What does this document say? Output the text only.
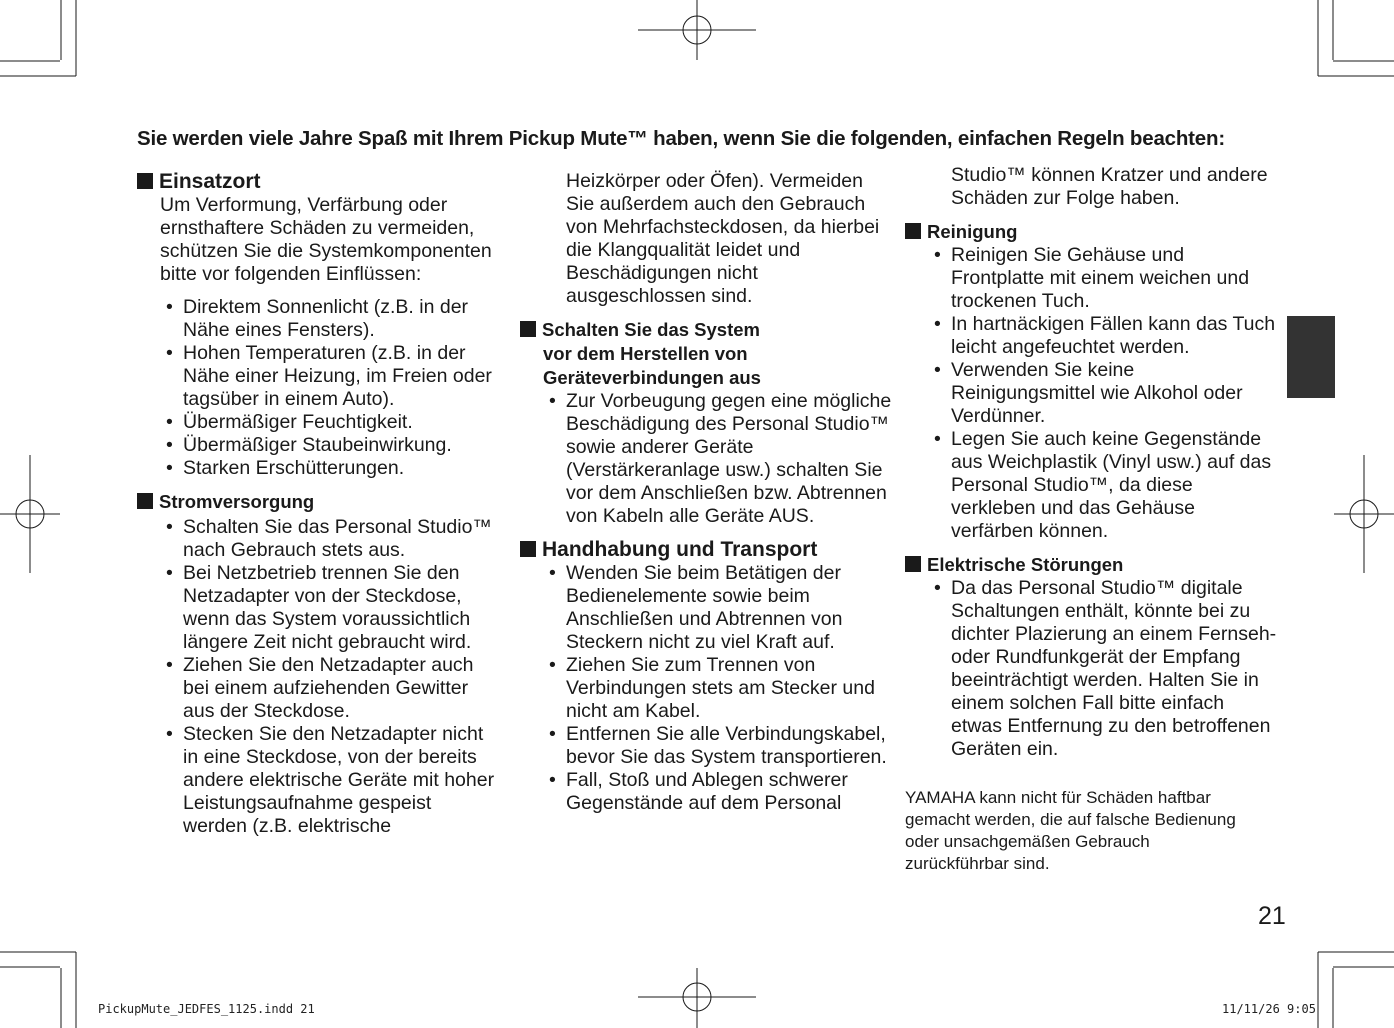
Sie werden viele Jahre Spaß mit Ihrem Pickup Mute™ haben, wenn Sie die folgenden, einfachen Regeln beachten:
Einsatzort

Um Verformung, Verfärbung oder ernsthaftere Schäden zu vermeiden, schützen Sie die Systemkomponenten bitte vor folgenden Einflüssen:

• Direktem Sonnenlicht (z.B. in der Nähe eines Fensters).
• Hohen Temperaturen (z.B. in der Nähe einer Heizung, im Freien oder tagsüber in einem Auto).
• Übermäßiger Feuchtigkeit.
• Übermäßiger Staubeinwirkung.
• Starken Erschütterungen.
Stromversorgung
• Schalten Sie das Personal Studio™ nach Gebrauch stets aus.
• Bei Netzbetrieb trennen Sie den Netzadapter von der Steckdose, wenn das System voraussichtlich längere Zeit nicht gebraucht wird.
• Ziehen Sie den Netzadapter auch bei einem aufziehenden Gewitter aus der Steckdose.
• Stecken Sie den Netzadapter nicht in eine Steckdose, von der bereits andere elektrische Geräte mit hoher Leistungsaufnahme gespeist werden (z.B. elektrische

Heizkörper oder Öfen). Vermeiden Sie außerdem auch den Gebrauch von Mehrfachsteckdosen, da hierbei die Klangqualität leidet und Beschädigungen nicht ausgeschlossen sind.

Schalten Sie das System
vor dem Herstellen von
Geräteverbindungen aus
• Zur Vorbeugung gegen eine mögliche Beschädigung des Personal Studio™ sowie anderer Geräte (Verstärkeranlage usw.) schalten Sie vor dem Anschließen bzw. Abtrennen von Kabeln alle Geräte AUS.
Handhabung und Transport
• Wenden Sie beim Betätigen der Bedienelemente sowie beim Anschließen und Abtrennen von Steckern nicht zu viel Kraft auf.
• Ziehen Sie zum Trennen von Verbindungen stets am Stecker und nicht am Kabel.
• Entfernen Sie alle Verbindungskabel, bevor Sie das System transportieren.
• Fall, Stoß und Ablegen schwerer Gegenstände auf dem Personal

Studio™ können Kratzer und andere Schäden zur Folge haben.

Reinigung
• Reinigen Sie Gehäuse und Frontplatte mit einem weichen und trockenen Tuch.
• In hartnäckigen Fällen kann das Tuch leicht angefeuchtet werden.
• Verwenden Sie keine Reinigungsmittel wie Alkohol oder Verdünner.
• Legen Sie auch keine Gegenstände aus Weichplastik (Vinyl usw.) auf das Personal Studio™, da diese verkleben und das Gehäuse verfärben können.
Elektrische Störungen
• Da das Personal Studio™ digitale Schaltungen enthält, könnte bei zu dichter Plazierung an einem Fernseh- oder Rundfunkgerät der Empfang beeinträchtigt werden. Halten Sie in einem solchen Fall bitte einfach etwas Entfernung zu den betroffenen Geräten ein.

YAMAHA kann nicht für Schäden haftbar gemacht werden, die auf falsche Bedienung oder unsachgemäßen Gebrauch zurückführbar sind.

21
PickupMute_JEDFES_1125.indd 21	11/11/26 9:05
